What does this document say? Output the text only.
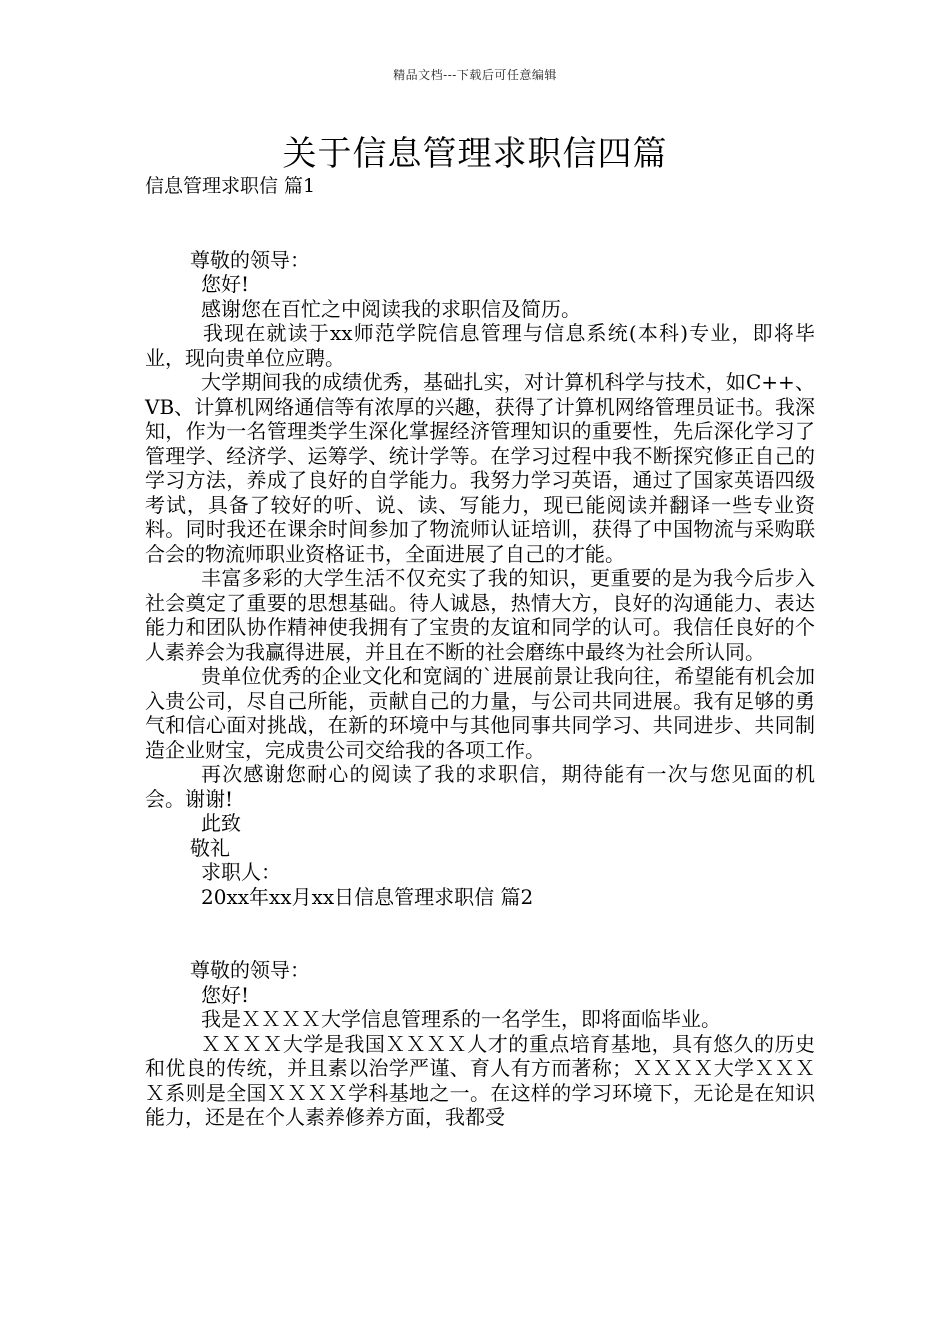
精品文档---下载后可任意编辑
关于信息管理求职信四篇

信息管理求职信 篇1

尊敬的领导：

您好!

感谢您在百忙之中阅读我的求职信及简历。

我现在就读于xx师范学院信息管理与信息系统(本科)专业，即将毕业，现向贵单位应聘。

大学期间我的成绩优秀，基础扎实，对计算机科学与技术，如C++、VB、计算机网络通信等有浓厚的兴趣，获得了计算机网络管理员证书。我深知，作为一名管理类学生深化掌握经济管理知识的重要性，先后深化学习了管理学、经济学、运筹学、统计学等。在学习过程中我不断探究修正自己的学习方法，养成了良好的自学能力。我努力学习英语，通过了国家英语四级考试，具备了较好的听、说、读、写能力，现已能阅读并翻译一些专业资料。同时我还在课余时间参加了物流师认证培训，获得了中国物流与采购联合会的物流师职业资格证书，全面进展了自己的才能。

丰富多彩的大学生活不仅充实了我的知识，更重要的是为我今后步入社会奠定了重要的思想基础。待人诚恳，热情大方，良好的沟通能力、表达能力和团队协作精神使我拥有了宝贵的友谊和同学的认可。我信任良好的个人素养会为我赢得进展，并且在不断的社会磨练中最终为社会所认同。

贵单位优秀的企业文化和宽阔的`进展前景让我向往，希望能有机会加入贵公司，尽自己所能，贡献自己的力量，与公司共同进展。我有足够的勇气和信心面对挑战，在新的环境中与其他同事共同学习、共同进步、共同制造企业财宝，完成贵公司交给我的各项工作。

再次感谢您耐心的阅读了我的求职信，期待能有一次与您见面的机会。谢谢!

此致

敬礼

求职人：

20xx年xx月xx日信息管理求职信 篇2

尊敬的领导：

您好!

我是ＸＸＸＸ大学信息管理系的一名学生，即将面临毕业。

ＸＸＸＸ大学是我国ＸＸＸＸ人才的重点培育基地，具有悠久的历史和优良的传统，并且素以治学严谨、育人有方而著称；ＸＸＸＸ大学ＸＸＸＸ系则是全国ＸＸＸＸ学科基地之一。在这样的学习环境下，无论是在知识能力，还是在个人素养修养方面，我都受
